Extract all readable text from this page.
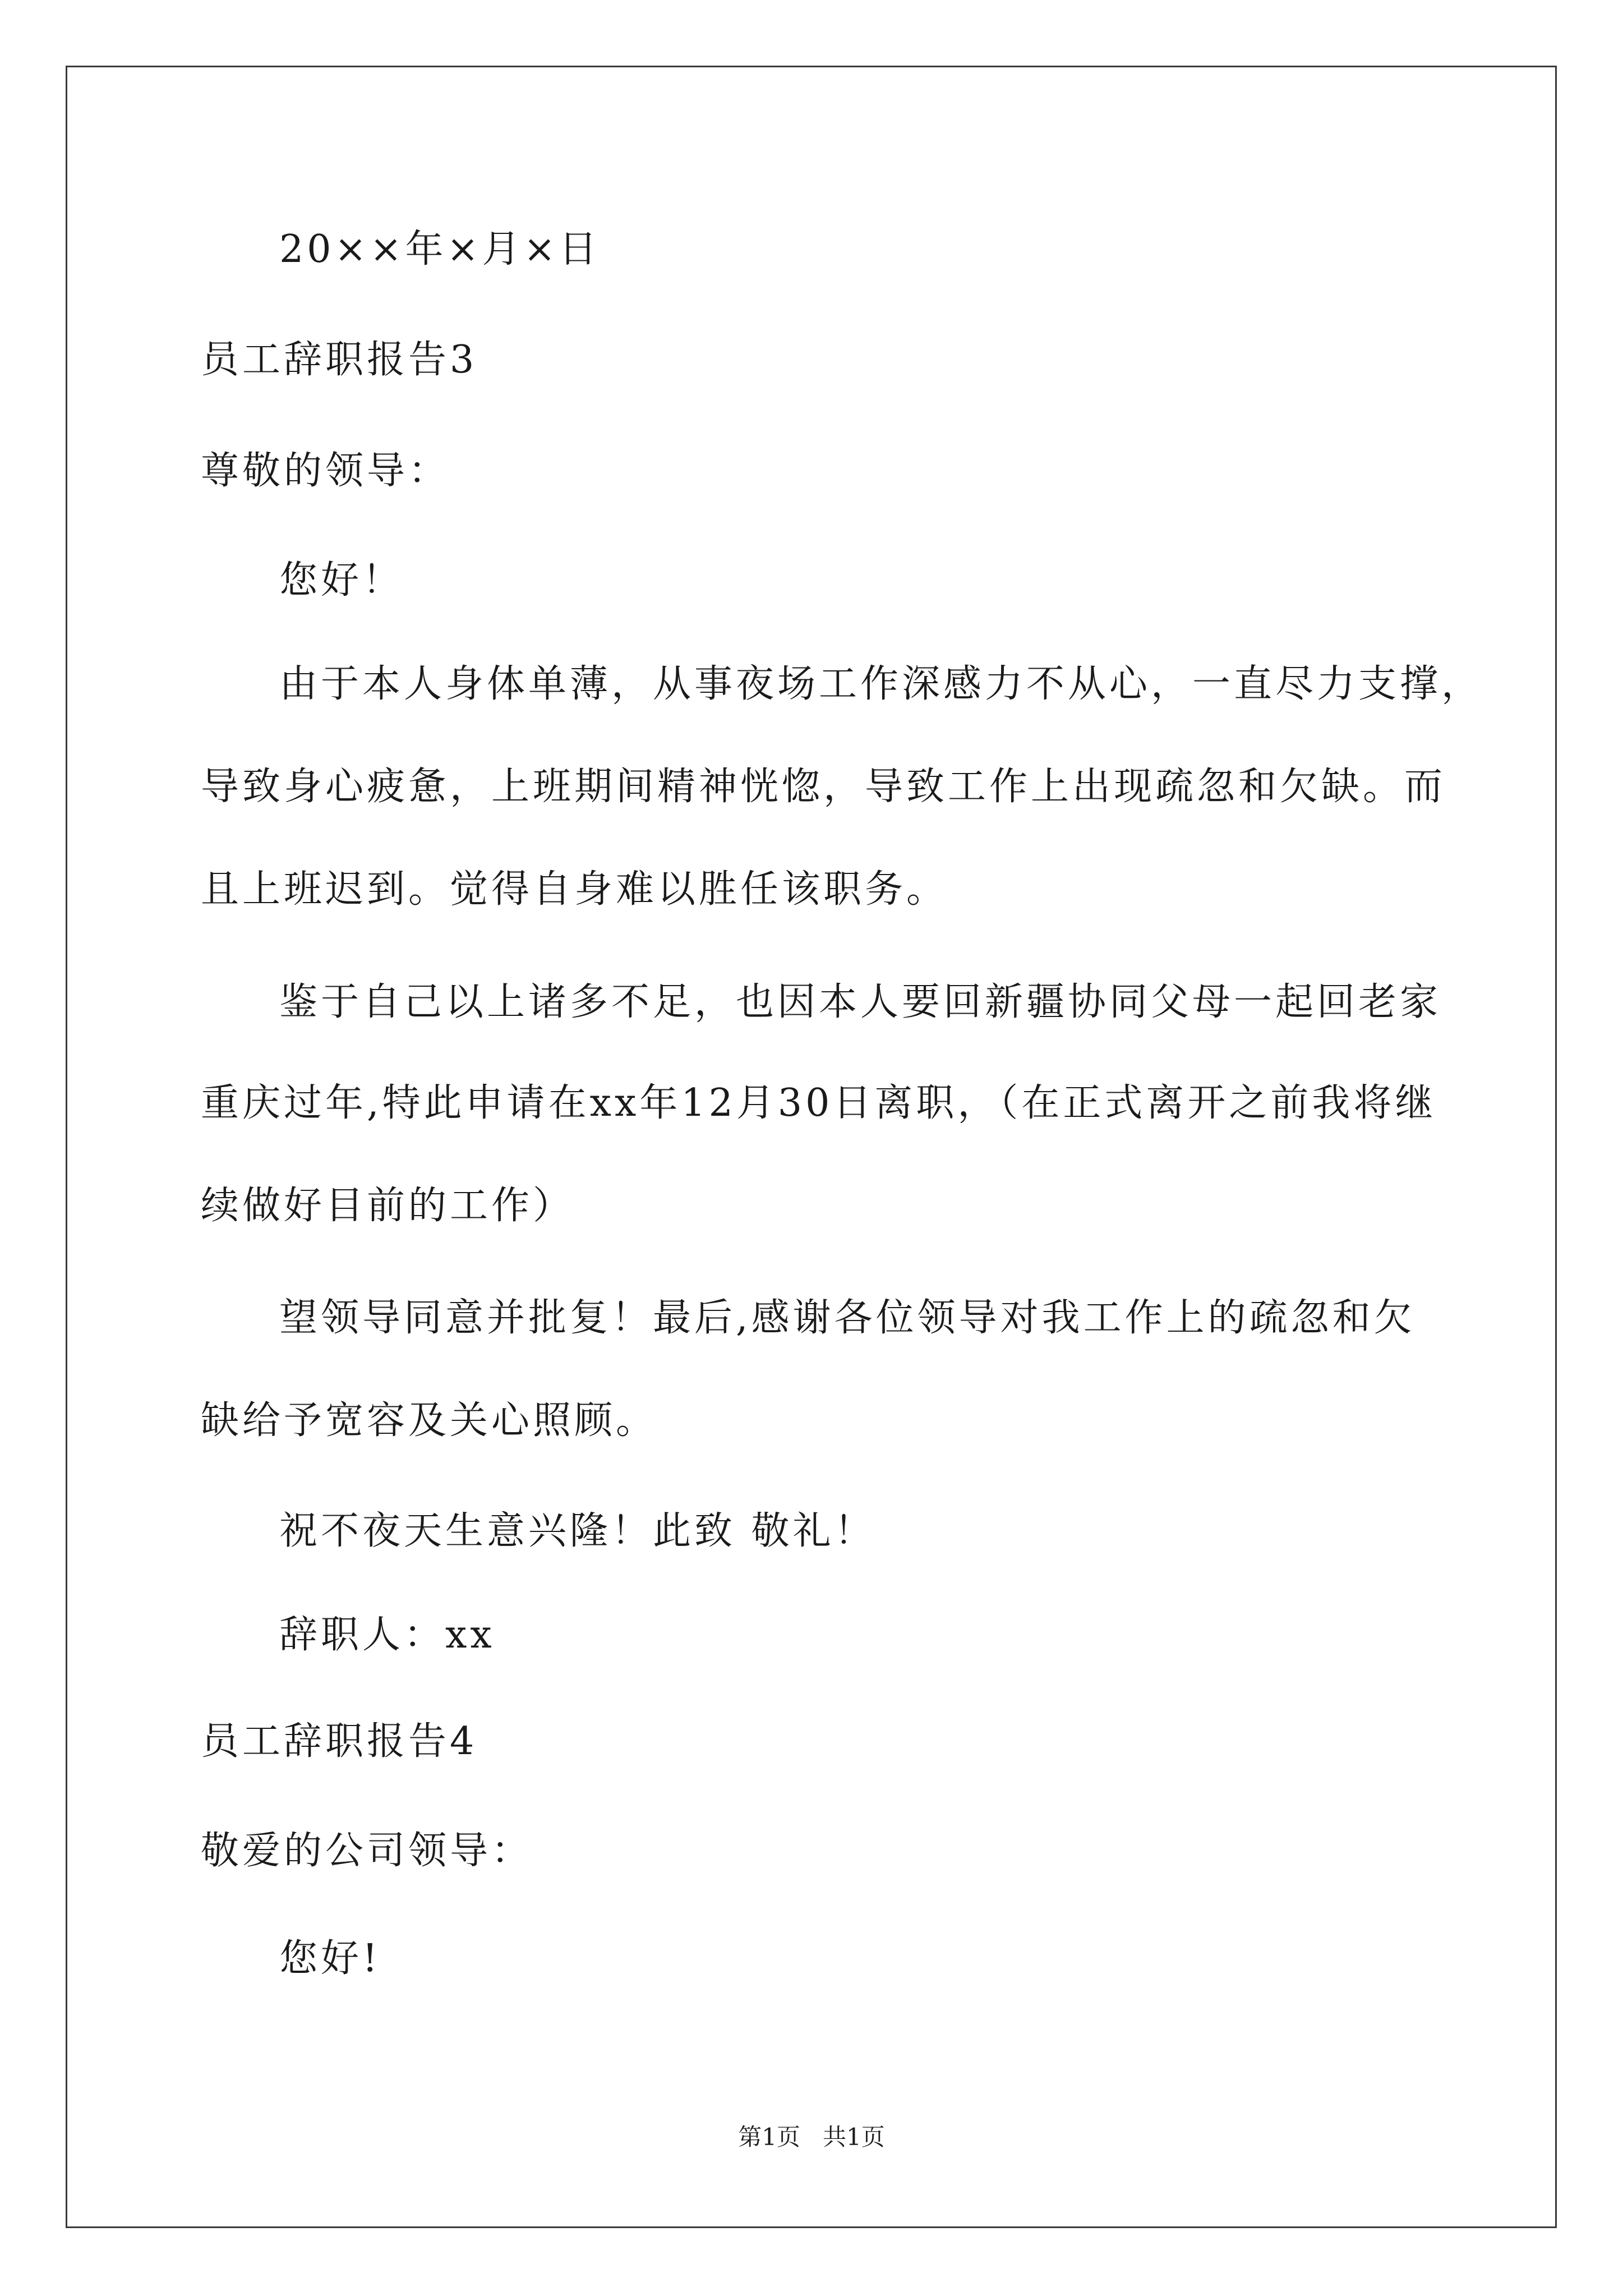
20××年×月×日
员工辞职报告3
尊敬的领导：
您好！
由于本人身体单薄，从事夜场工作深感力不从心，一直尽力支撑，
导致身心疲惫，上班期间精神恍惚，导致工作上出现疏忽和欠缺。而
且上班迟到。觉得自身难以胜任该职务。
鉴于自己以上诸多不足，也因本人要回新疆协同父母一起回老家
重庆过年,特此申请在xx年12月30日离职，（在正式离开之前我将继
续做好目前的工作）
望领导同意并批复！最后,感谢各位领导对我工作上的疏忽和欠
缺给予宽容及关心照顾。
祝不夜天生意兴隆！此致 敬礼！
辞职人：xx
员工辞职报告4
敬爱的公司领导：
您好!
第1页   共1页
